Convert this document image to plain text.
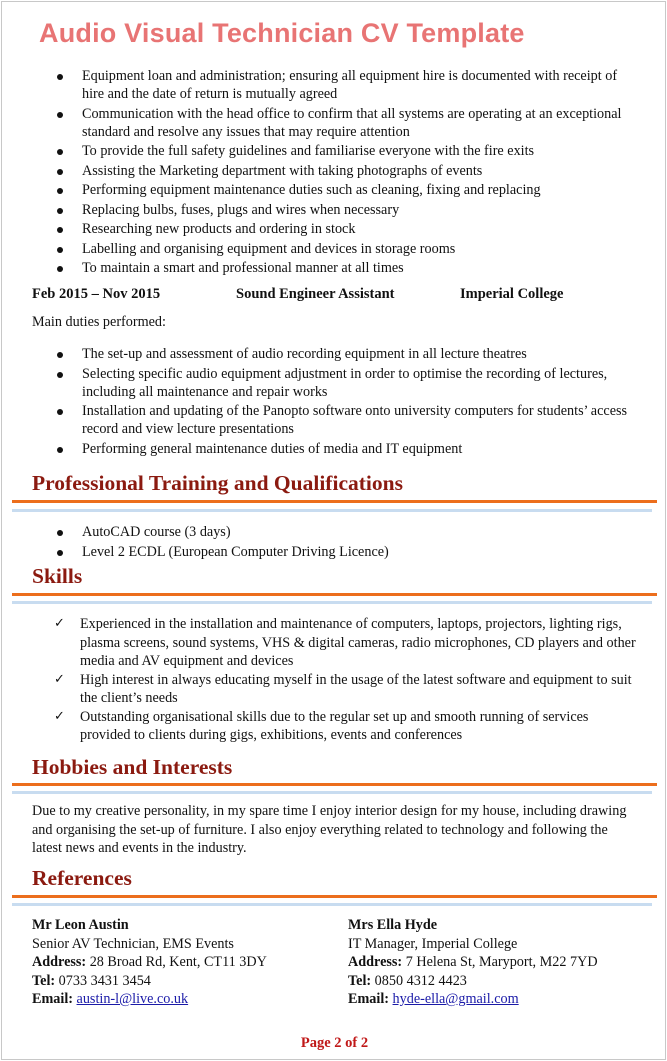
Audio Visual Technician CV Template
Equipment loan and administration; ensuring all equipment hire is documented with receipt of hire and the date of return is mutually agreed
Communication with the head office to confirm that all systems are operating at an exceptional standard and resolve any issues that may require attention
To provide the full safety guidelines and familiarise everyone with the fire exits
Assisting the Marketing department with taking photographs of events
Performing equipment maintenance duties such as cleaning, fixing and replacing
Replacing bulbs, fuses, plugs and wires when necessary
Researching new products and ordering in stock
Labelling and organising equipment and devices in storage rooms
To maintain a smart and professional manner at all times
Feb 2015 – Nov 2015	Sound Engineer Assistant	Imperial College
Main duties performed:
The set-up and assessment of audio recording equipment in all lecture theatres
Selecting specific audio equipment adjustment in order to optimise the recording of lectures, including all maintenance and repair works
Installation and updating of the Panopto software onto university computers for students’ access record and view lecture presentations
Performing general maintenance duties of media and IT equipment
Professional Training and Qualifications
AutoCAD course (3 days)
Level 2 ECDL (European Computer Driving Licence)
Skills
✓ Experienced in the installation and maintenance of computers, laptops, projectors, lighting rigs, plasma screens, sound systems, VHS & digital cameras, radio microphones, CD players and other media and AV equipment and devices
✓ High interest in always educating myself in the usage of the latest software and equipment to suit the client’s needs
✓ Outstanding organisational skills due to the regular set up and smooth running of services provided to clients during gigs, exhibitions, events and conferences
Hobbies and Interests
Due to my creative personality, in my spare time I enjoy interior design for my house, including drawing and organising the set-up of furniture. I also enjoy everything related to technology and following the latest news and events in the industry.
References
Mr Leon Austin
Senior AV Technician, EMS Events
Address: 28 Broad Rd, Kent, CT11 3DY
Tel: 0733 3431 3454
Email: austin-l@live.co.uk
Mrs Ella Hyde
IT Manager, Imperial College
Address: 7 Helena St, Maryport, M22 7YD
Tel: 0850 4312 4423
Email: hyde-ella@gmail.com
Page 2 of 2
